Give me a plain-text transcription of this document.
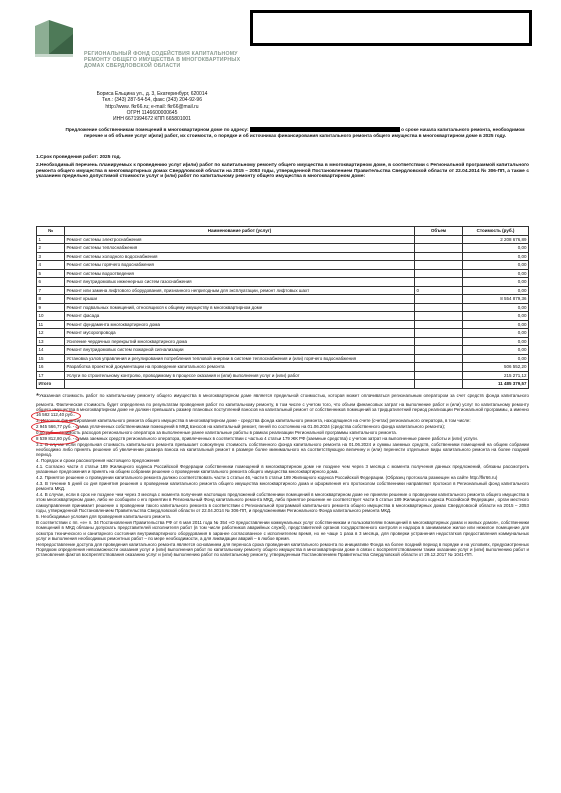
РЕГИОНАЛЬНЫЙ ФОНД СОДЕЙСТВИЯ КАПИТАЛЬНОМУ РЕМОНТУ ОБЩЕГО ИМУЩЕСТВА В МНОГОКВАРТИРНЫХ ДОМАХ СВЕРДЛОВСКОЙ ОБЛАСТИ
Бориса Ельцина ул., д. 3, Екатеринбург, 620014
Тел.: (343) 287-54-54, факс (343) 204-92-96
http://www. fkr66.ru; e-mail: fkr66@mail.ru
ОГРН 1146600000645
ИНН 6671994672 КПП 665801001
Предложение собственникам помещений в многоквартирном доме по адресу:	о сроке начала капитального ремонта, необходимом перечне и об объеме услуг и(или) работ, их стоимости, о порядке и об источниках финансирования капитального ремонта общего имущества в многоквартирном доме в 2025 году.
1.Срок проведения работ: 2025 год.
2.Необходимый перечень планируемых к проведению услуг и(или) работ по капитальному ремонту общего имущества в многоквартирном доме, в соответствии с Региональной программой капитального ремонта общего имущества в многоквартирных домах Свердловской области на 2015 – 2053 годы, утвержденной Постановлением Правительства Свердловской области от 22.04.2014 № 306-ПП, а также с указанием предельно допустимой стоимости услуг и (или) работ по капитальному ремонту общего имущества в многоквартирном доме:
№	Наименование работ (услуг)	Объем	Стоимость (руб.)
1	Ремонт системы электроснабжения		2 208 676,89
2	Ремонт системы теплоснабжения		0,00
3	Ремонт системы холодного водоснабжения		0,00
4	Ремонт системы горячего водоснабжения		0,00
5	Ремонт системы водоотведения		0,00
6	Ремонт внутридомовых инженерных систем газоснабжения		0,00
7	Ремонт или замена лифтового оборудования, признанного непригодным для эксплуатации, ремонт лифтовых шахт	0	0,00
8	Ремонт крыши		8 554 879,36
9	Ремонт подвальных помещений, относящихся к общему имуществу в многоквартирном доме		0,00
10	Ремонт фасада		0,00
11	Ремонт фундамента многоквартирного дома		0,00
12	Ремонт мусоропровода		0,00
13	Усиление чердачных перекрытий многоквартирного дома		0,00
14	Ремонт внутридомовых систем пожарной сигнализации		0,00
15	Установка узлов управления и регулирования потребления тепловой энергии в системе теплоснабжения и (или) горячего водоснабжения		0,00
16	Разработка проектной документации на проведение капитального ремонта		506 552,20
17	Услуги по строительному контролю, проводимому в процессе оказания и (или) выполнения услуг и (или) работ		215 271,12
Итого			11 485 379,57

*Указанная стоимость работ по капитальному ремонту общего имущества в многоквартирном доме является предельной стоимостью, которая может оплачиваться региональным оператором за счет средств фонда капитального ремонта. Фактическая стоимость будет определена по результатам проведения работ по капитальному ремонту, в том числе с учетом того, что объем финансовых затрат на выполнение работ и (или) услуг по капитальному ремонту общего имущества в многоквартирном доме не должен превышать размер плановых поступлений взносов на капитальный ремонт от собственников помещений за тридцатилетний период реализации Региональной программы, а именно 16 582 112,40 руб..

3. Источник финансирования капитального ремонта общего имущества в многоквартирном доме - средства фонда капитального ремонта, находящиеся на счете (счетах) регионального оператора, в том числе:

2 945 566,77 руб. - сумма уплаченных собственниками помещений в МКД взносов на капитальный ремонт, пеней по состоянию на 01.06.2024 (средства собственного фонда капитального ремонта);

0,00 руб. – стоимость расходов регионального оператора за выполненные ранее капитальные работы в рамках реализации Региональной программы капитального ремонта.

8 539 812,80 руб. - сумма заемных средств регионального оператора, привлеченных в соответствии с частью 4 статьи 179 ЖК РФ (заемные средства) с учетом затрат на выполненные ранее работы и (или) услуги.

3.1. В случае если предельная стоимость капитального ремонта превышает совокупную стоимость собственного фонда капитального ремонта на 01.06.2024 и суммы заемных средств, собственники помещений на общем собрании необходимо либо принять решение об увеличении размера взноса на капитальный ремонт в размере более минимального на соответствующую величину и (или) перенести отдельные виды капитального ремонта на более поздний период.

4. Порядок и сроки рассмотрения настоящего предложения

4.1. Согласно части 4 статьи 189 Жилищного кодекса Российской Федерации собственники помещений в многоквартирном доме не позднее чем через 3 месяца с момента получения данных предложений, обязаны рассмотреть указанные предложения и принять на общем собрании решение о проведении капитального ремонта общего имущества многоквартирного дома.

4.2. Принятое решение о проведении капитального ремонта должно соответствовать части 1 статьи 46, части 5 статьи 189 Жилищного кодекса Российской Федерации. (Образец протокола размещен на сайте http://fkr66.ru)

4.3. В течение 5 дней со дня принятия решения о проведении капитального ремонта общего имущества многоквартирного дома и оформления его протоколом собственники направляют протокол в Региональный фонд капитального ремонта МКД.

4.4. В случае, если в срок не позднее чем через 3 месяца с момента получения настоящих предложений собственники помещений в многоквартирном доме не приняли решение о проведении капитального ремонта общего имущества в этом многоквартирном доме, либо не сообщили о его принятии в Региональный Фонд капитального ремонта МКД, либо принятое решение не соответствует части 5 статьи 189 Жилищного кодекса Российской Федерации , орган местного самоуправления принимает решение о проведении такого капитального ремонта в соответствии с Региональной программой капитального ремонта общего имущества в многоквартирных домах Свердловской области на 2015 – 2053 годы, утвержденной Постановлением Правительства Свердловской области от 22.04.2014 № 306-ПП, и предложениями Регионального Фонда капитального ремонта МКД.

5. Необходимые условия для проведения капитального ремонта.

В соответствии с пп. «е» п. 34 Постановления Правительства РФ от 6 мая 2011 года № 354 «О предоставлении коммунальных услуг собственникам и пользователям помещений в многоквартирных домах и жилых домов», собственники помещений в МКД обязаны допускать представителей исполнителя работ (в том числе работников аварийных служб), представителей органов государственного контроля и надзора в занимаемое жилое или нежилое помещение для осмотра технического и санитарного состояния внутриквартирного оборудования в заранее согласованное с исполнителем время, но не чаще 1 раза в 3 месяца, для проверки устранения недостатков предоставления коммунальных услуг и выполнения необходимых ремонтных работ – по мере необходимости, а для ликвидации аварий – в любое время.

Непредоставление доступа для проведения капитального ремонта является основанием для переноса срока проведения капитального ремонта по инициативе Фонда на более поздний период в порядке и на условиях, предусмотренных Порядком определения невозможности оказания услуг и (или) выполнения работ по капитальному ремонту общего имущества в многоквартирном доме в связи с воспрепятствованием таким оказанию услуг и (или) выполнению работ и установления фактов воспрепятствования оказанию услуг и (или) выполнению работ по капитальному ремонту, утвержденным Постановлением Правительства Свердловской области от 29.12.2017 № 1041-ПП.
